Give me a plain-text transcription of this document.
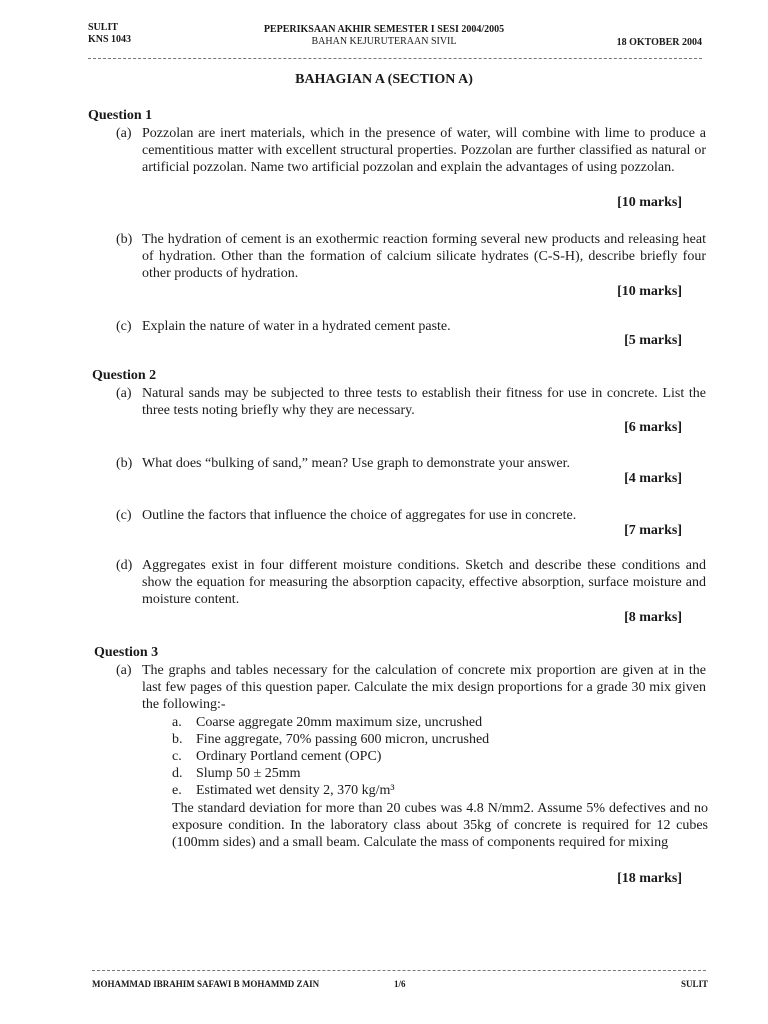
SULIT
KNS 1043
PEPERIKSAAN AKHIR SEMESTER I SESI 2004/2005
BAHAN KEJURUTERAAN SIVIL	18 OKTOBER 2004
BAHAGIAN A (SECTION A)
Question 1
(a) Pozzolan are inert materials, which in the presence of water, will combine with lime to produce a cementitious matter with excellent structural properties. Pozzolan are further classified as natural or artificial pozzolan. Name two artificial pozzolan and explain the advantages of using pozzolan.
[10 marks]
(b) The hydration of cement is an exothermic reaction forming several new products and releasing heat of hydration. Other than the formation of calcium silicate hydrates (C-S-H), describe briefly four other products of hydration.
[10 marks]
(c) Explain the nature of water in a hydrated cement paste.
[5 marks]
Question 2
(a) Natural sands may be subjected to three tests to establish their fitness for use in concrete. List the three tests noting briefly why they are necessary.
[6 marks]
(b) What does “bulking of sand,” mean? Use graph to demonstrate your answer.
[4 marks]
(c) Outline the factors that influence the choice of aggregates for use in concrete.
[7 marks]
(d) Aggregates exist in four different moisture conditions. Sketch and describe these conditions and show the equation for measuring the absorption capacity, effective absorption, surface moisture and moisture content.
[8 marks]
Question 3
(a) The graphs and tables necessary for the calculation of concrete mix proportion are given at in the last few pages of this question paper. Calculate the mix design proportions for a grade 30 mix given the following:-
a. Coarse aggregate 20mm maximum size, uncrushed
b. Fine aggregate, 70% passing 600 micron, uncrushed
c. Ordinary Portland cement (OPC)
d. Slump 50 ± 25mm
e. Estimated wet density 2, 370 kg/m³
The standard deviation for more than 20 cubes was 4.8 N/mm2. Assume 5% defectives and no exposure condition. In the laboratory class about 35kg of concrete is required for 12 cubes (100mm sides) and a small beam. Calculate the mass of components required for mixing
[18 marks]
MOHAMMAD IBRAHIM SAFAWI B MOHAMMD ZAIN	1/6	SULIT
